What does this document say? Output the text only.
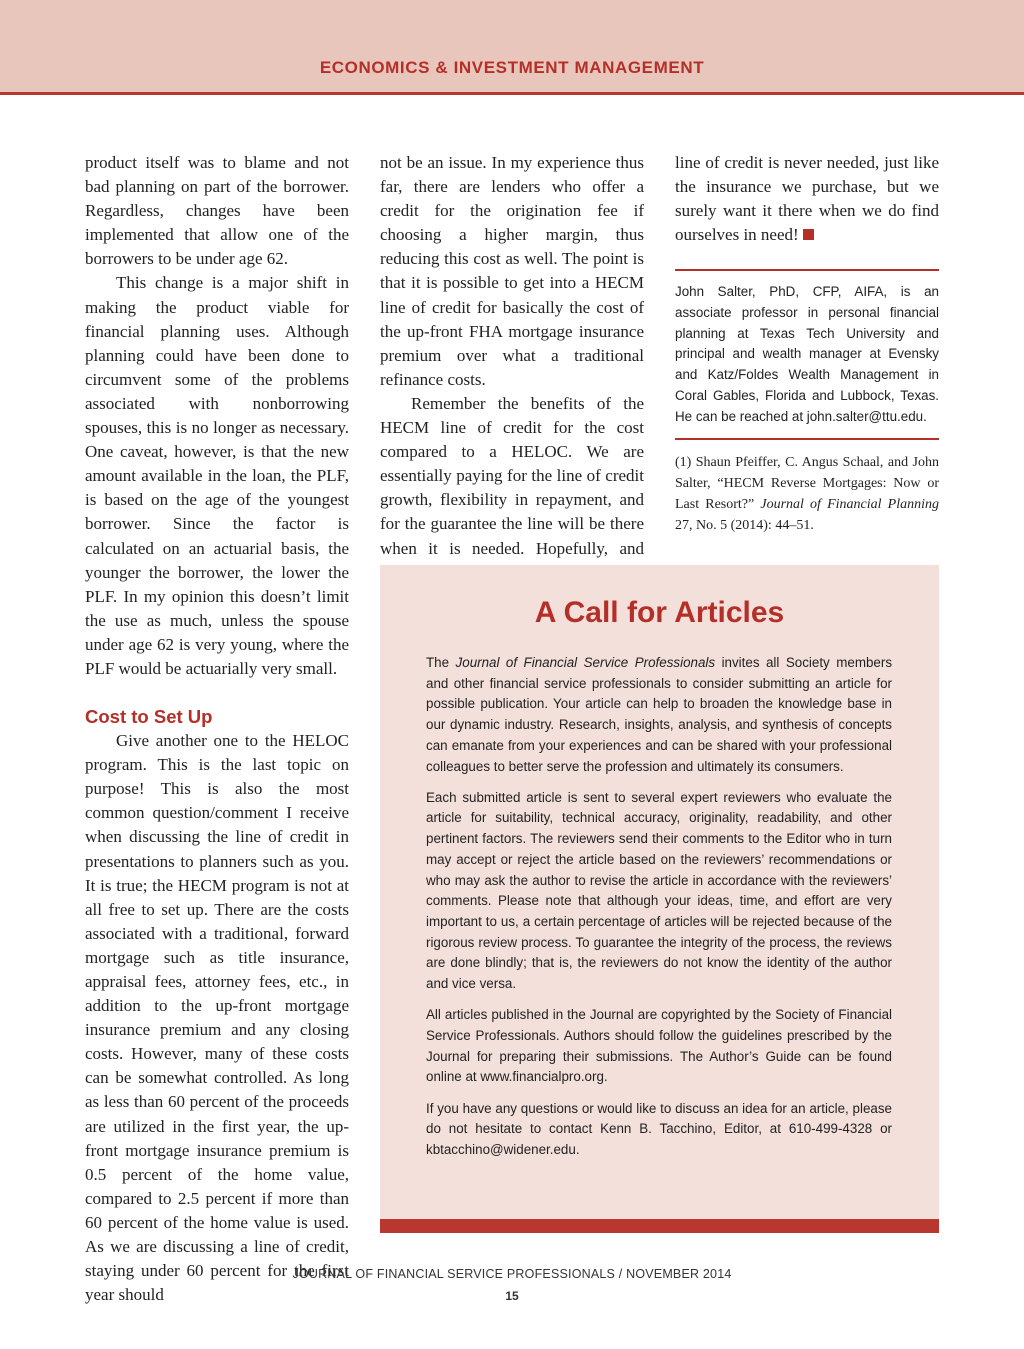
ECONOMICS & INVESTMENT MANAGEMENT

product itself was to blame and not bad planning on part of the borrower. Regardless, changes have been implemented that allow one of the borrowers to be under age 62.

This change is a major shift in making the product viable for financial planning uses. Although planning could have been done to circumvent some of the problems associated with nonborrowing spouses, this is no longer as necessary. One caveat, however, is that the new amount available in the loan, the PLF, is based on the age of the youngest borrower. Since the factor is calculated on an actuarial basis, the younger the borrower, the lower the PLF. In my opinion this doesn’t limit the use as much, unless the spouse under age 62 is very young, where the PLF would be actuarially very small.

Cost to Set Up

Give another one to the HELOC program. This is the last topic on purpose! This is also the most common question/comment I receive when discussing the line of credit in presentations to planners such as you. It is true; the HECM program is not at all free to set up. There are the costs associated with a traditional, forward mortgage such as title insurance, appraisal fees, attorney fees, etc., in addition to the up-front mortgage insurance premium and any closing costs. However, many of these costs can be somewhat controlled. As long as less than 60 percent of the proceeds are utilized in the first year, the up-front mortgage insurance premium is 0.5 percent of the home value, compared to 2.5 percent if more than 60 percent of the home value is used. As we are discussing a line of credit, staying under 60 percent for the first year should

not be an issue. In my experience thus far, there are lenders who offer a credit for the origination fee if choosing a higher margin, thus reducing this cost as well. The point is that it is possible to get into a HECM line of credit for basically the cost of the up-front FHA mortgage insurance premium over what a traditional refinance costs.

Remember the benefits of the HECM line of credit for the cost compared to a HELOC. We are essentially paying for the line of credit growth, flexibility in repayment, and for the guarantee the line will be there when it is needed. Hopefully, and

line of credit is never needed, just like the insurance we purchase, but we surely want it there when we do find ourselves in need!

John Salter, PhD, CFP, AIFA, is an associate professor in personal financial planning at Texas Tech University and principal and wealth manager at Evensky and Katz/Foldes Wealth Management in Coral Gables, Florida and Lubbock, Texas. He can be reached at john.salter@ttu.edu.
(1) Shaun Pfeiffer, C. Angus Schaal, and John Salter, “HECM Reverse Mortgages: Now or Last Resort?” Journal of Financial Planning 27, No. 5 (2014): 44–51.
A Call for Articles

The Journal of Financial Service Professionals invites all Society members and other financial service professionals to consider submitting an article for possible publication. Your article can help to broaden the knowledge base in our dynamic industry. Research, insights, analysis, and synthesis of concepts can emanate from your experiences and can be shared with your professional colleagues to better serve the profession and ultimately its consumers.

Each submitted article is sent to several expert reviewers who evaluate the article for suitability, technical accuracy, originality, readability, and other pertinent factors. The reviewers send their comments to the Editor who in turn may accept or reject the article based on the reviewers’ recommendations or who may ask the author to revise the article in accordance with the reviewers’ comments. Please note that although your ideas, time, and effort are very important to us, a certain percentage of articles will be rejected because of the rigorous review process. To guarantee the integrity of the process, the reviews are done blindly; that is, the reviewers do not know the identity of the author and vice versa.

All articles published in the Journal are copyrighted by the Society of Financial Service Professionals. Authors should follow the guidelines prescribed by the Journal for preparing their submissions. The Author’s Guide can be found online at www.financialpro.org.

If you have any questions or would like to discuss an idea for an article, please do not hesitate to contact Kenn B. Tacchino, Editor, at 610-499-4328 or kbtacchino@widener.edu.

JOURNAL OF FINANCIAL SERVICE PROFESSIONALS / NOVEMBER 2014
15
